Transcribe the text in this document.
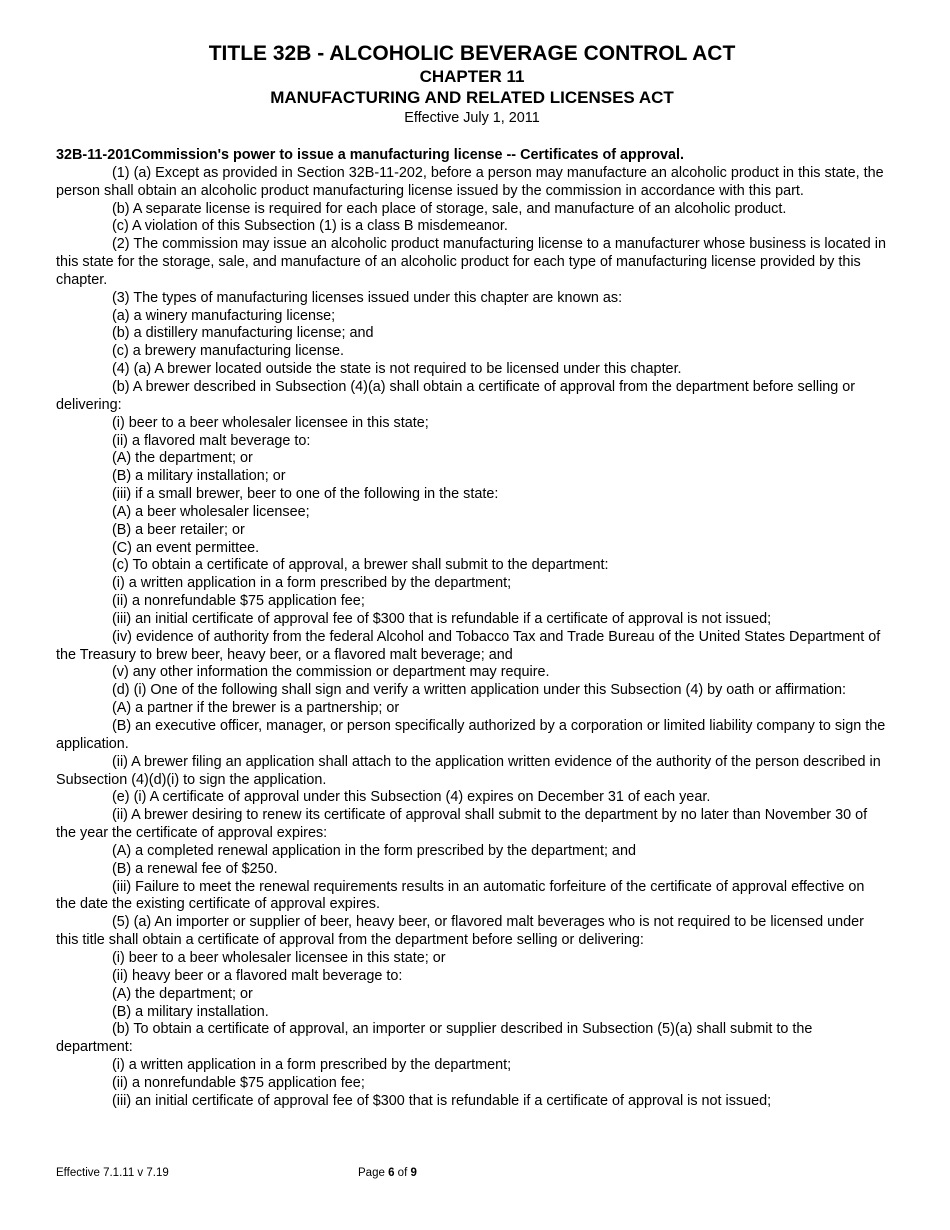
TITLE 32B - ALCOHOLIC BEVERAGE CONTROL ACT
CHAPTER 11
MANUFACTURING AND RELATED LICENSES ACT
Effective July 1, 2011
32B-11-201Commission's power to issue a manufacturing license -- Certificates of approval.
(1) (a) Except as provided in Section 32B-11-202, before a person may manufacture an alcoholic product in this state, the person shall obtain an alcoholic product manufacturing license issued by the commission in accordance with this part.
(b) A separate license is required for each place of storage, sale, and manufacture of an alcoholic product.
(c) A violation of this Subsection (1) is a class B misdemeanor.
(2) The commission may issue an alcoholic product manufacturing license to a manufacturer whose business is located in this state for the storage, sale, and manufacture of an alcoholic product for each type of manufacturing license provided by this chapter.
(3) The types of manufacturing licenses issued under this chapter are known as:
(a) a winery manufacturing license;
(b) a distillery manufacturing license; and
(c) a brewery manufacturing license.
(4) (a) A brewer located outside the state is not required to be licensed under this chapter.
(b) A brewer described in Subsection (4)(a) shall obtain a certificate of approval from the department before selling or delivering:
(i) beer to a beer wholesaler licensee in this state;
(ii) a flavored malt beverage to:
(A) the department; or
(B) a military installation; or
(iii) if a small brewer, beer to one of the following in the state:
(A) a beer wholesaler licensee;
(B) a beer retailer; or
(C) an event permittee.
(c) To obtain a certificate of approval, a brewer shall submit to the department:
(i) a written application in a form prescribed by the department;
(ii) a nonrefundable $75 application fee;
(iii) an initial certificate of approval fee of $300 that is refundable if a certificate of approval is not issued;
(iv) evidence of authority from the federal Alcohol and Tobacco Tax and Trade Bureau of the United States Department of the Treasury to brew beer, heavy beer, or a flavored malt beverage; and
(v) any other information the commission or department may require.
(d) (i) One of the following shall sign and verify a written application under this Subsection (4) by oath or affirmation:
(A) a partner if the brewer is a partnership; or
(B) an executive officer, manager, or person specifically authorized by a corporation or limited liability company to sign the application.
(ii) A brewer filing an application shall attach to the application written evidence of the authority of the person described in Subsection (4)(d)(i) to sign the application.
(e) (i) A certificate of approval under this Subsection (4) expires on December 31 of each year.
(ii) A brewer desiring to renew its certificate of approval shall submit to the department by no later than November 30 of the year the certificate of approval expires:
(A) a completed renewal application in the form prescribed by the department; and
(B) a renewal fee of $250.
(iii) Failure to meet the renewal requirements results in an automatic forfeiture of the certificate of approval effective on the date the existing certificate of approval expires.
(5) (a) An importer or supplier of beer, heavy beer, or flavored malt beverages who is not required to be licensed under this title shall obtain a certificate of approval from the department before selling or delivering:
(i) beer to a beer wholesaler licensee in this state; or
(ii) heavy beer or a flavored malt beverage to:
(A) the department; or
(B) a military installation.
(b) To obtain a certificate of approval, an importer or supplier described in Subsection (5)(a) shall submit to the department:
(i) a written application in a form prescribed by the department;
(ii) a nonrefundable $75 application fee;
(iii) an initial certificate of approval fee of $300 that is refundable if a certificate of approval is not issued;
Effective 7.1.11 v 7.19	Page 6 of 9
